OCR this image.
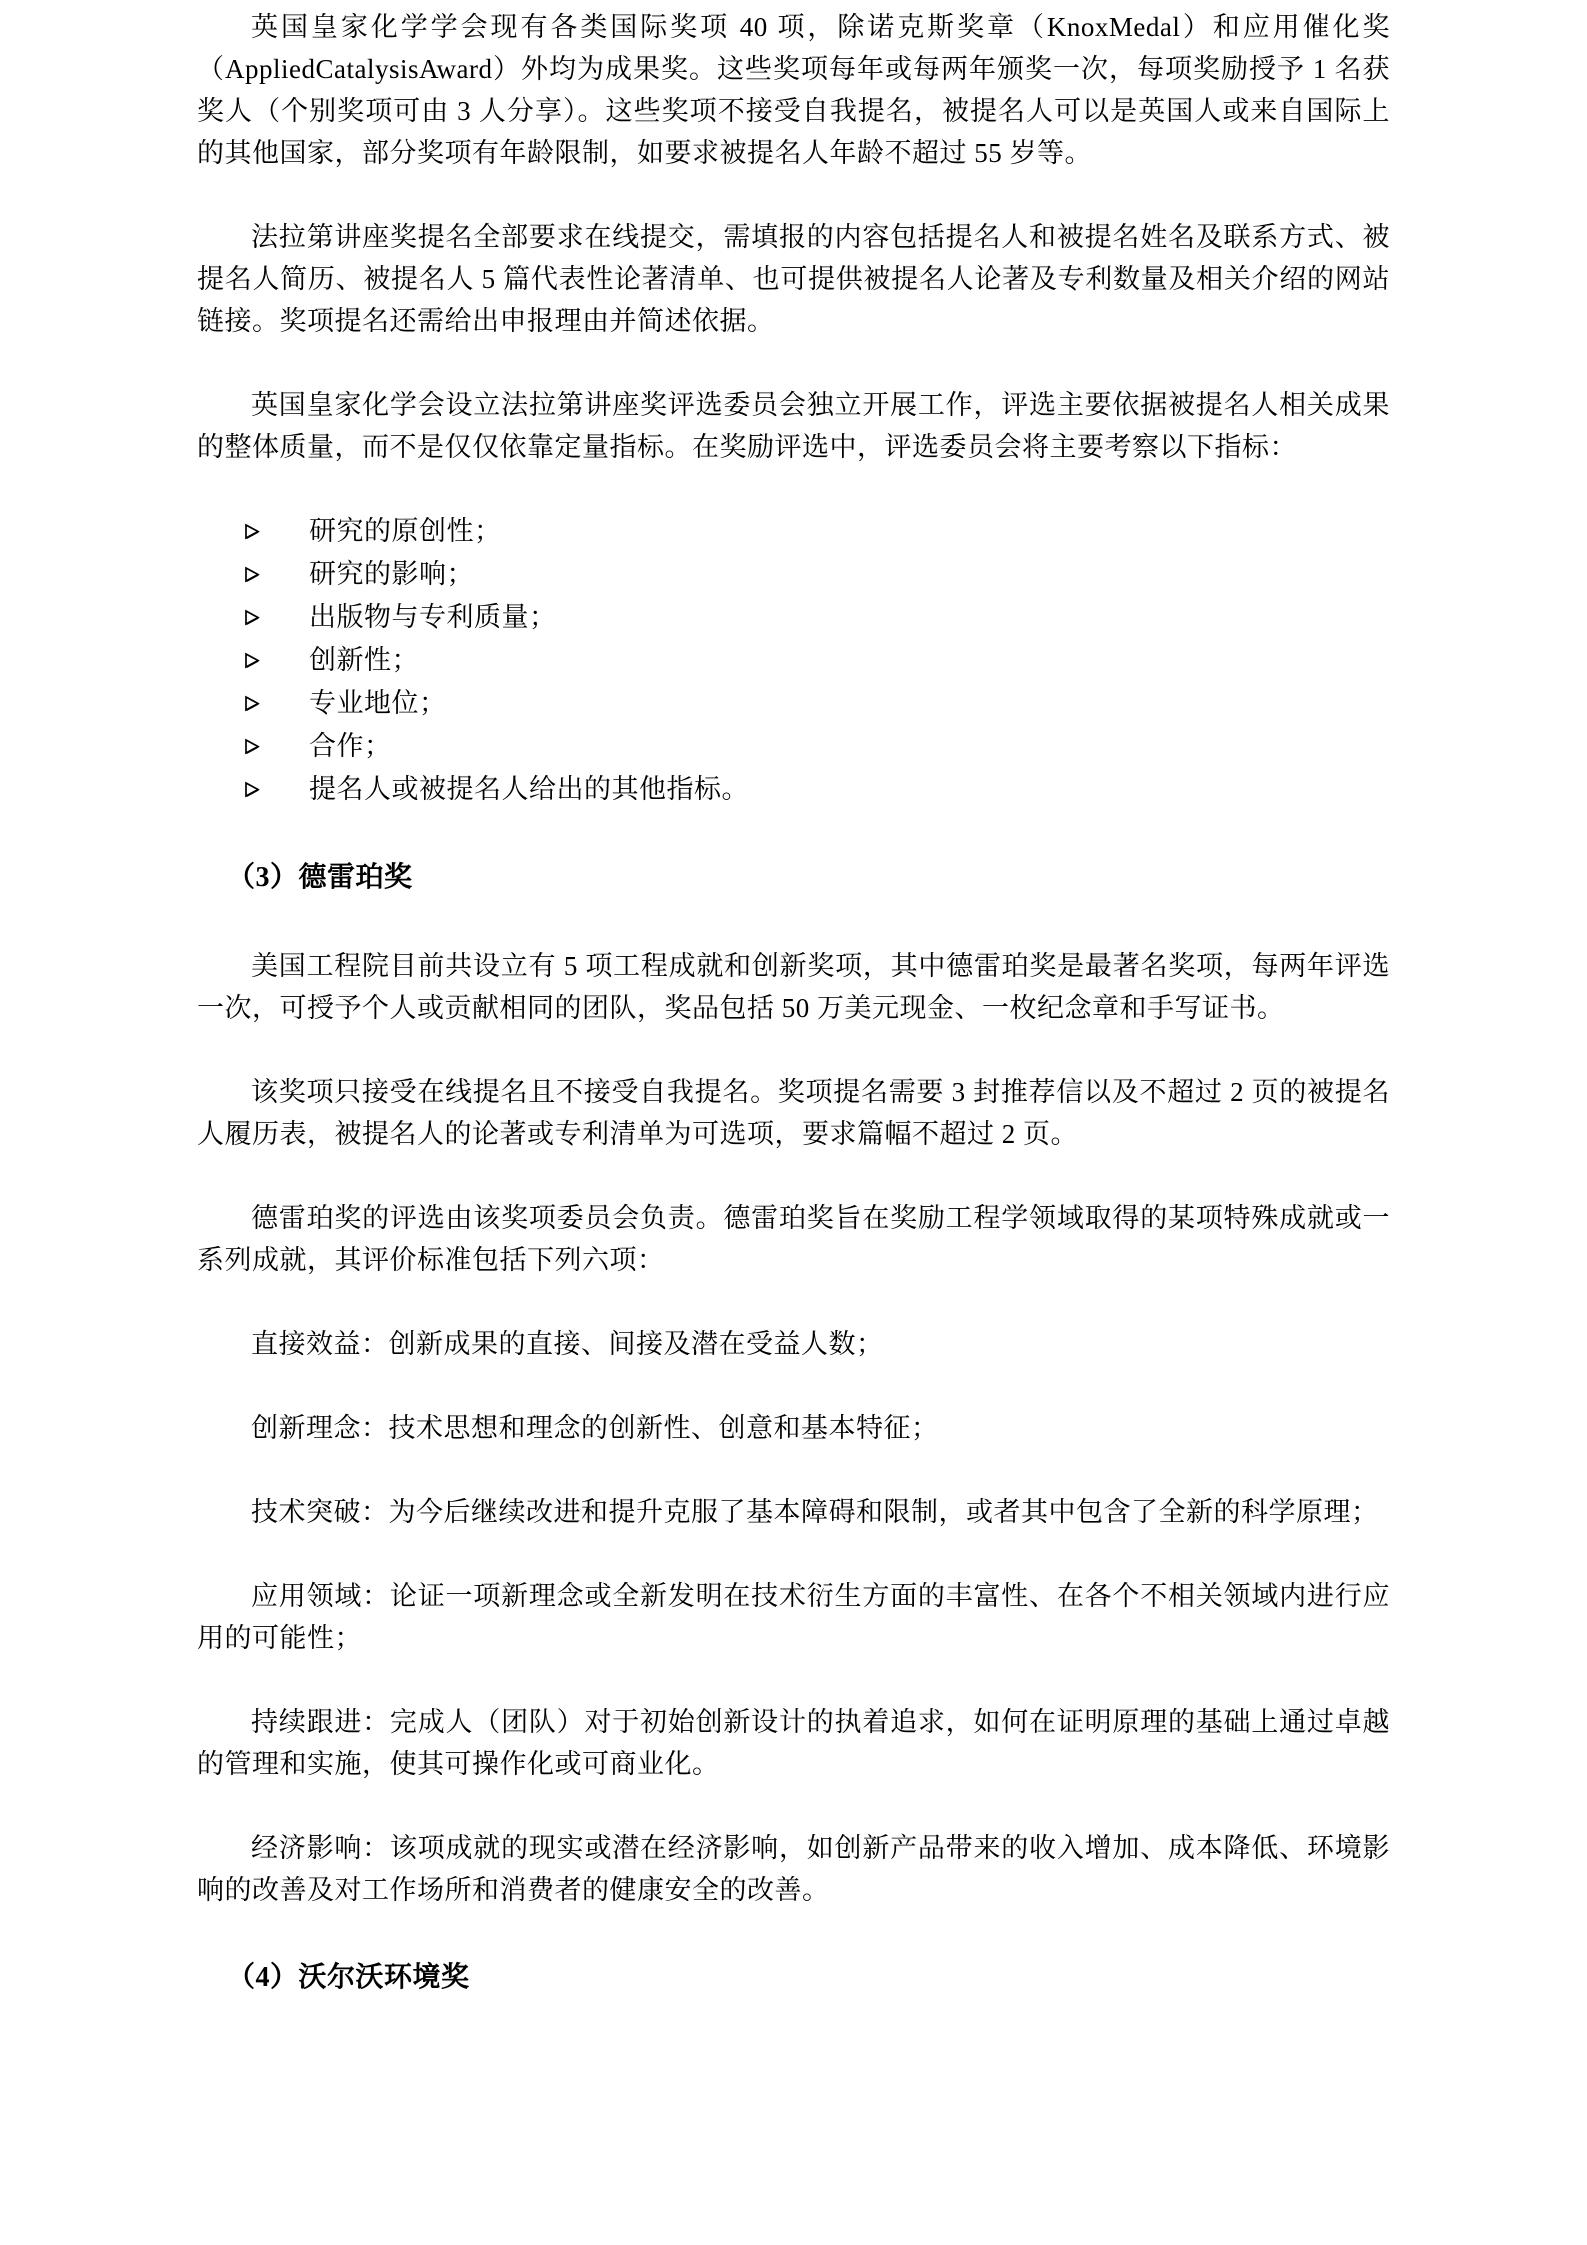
英国皇家化学学会现有各类国际奖项 40 项，除诺克斯奖章（KnoxMedal）和应用催化奖（AppliedCatalysisAward）外均为成果奖。这些奖项每年或每两年颁奖一次，每项奖励授予 1 名获奖人（个别奖项可由 3 人分享）。这些奖项不接受自我提名，被提名人可以是英国人或来自国际上的其他国家，部分奖项有年龄限制，如要求被提名人年龄不超过 55 岁等。

法拉第讲座奖提名全部要求在线提交，需填报的内容包括提名人和被提名姓名及联系方式、被提名人简历、被提名人 5 篇代表性论著清单、也可提供被提名人论著及专利数量及相关介绍的网站链接。奖项提名还需给出申报理由并简述依据。

英国皇家化学会设立法拉第讲座奖评选委员会独立开展工作，评选主要依据被提名人相关成果的整体质量，而不是仅仅依靠定量指标。在奖励评选中，评选委员会将主要考察以下指标：

研究的原创性；
研究的影响；
出版物与专利质量；
创新性；
专业地位；
合作；
提名人或被提名人给出的其他指标。
（3）德雷珀奖

美国工程院目前共设立有 5 项工程成就和创新奖项，其中德雷珀奖是最著名奖项，每两年评选一次，可授予个人或贡献相同的团队，奖品包括 50 万美元现金、一枚纪念章和手写证书。

该奖项只接受在线提名且不接受自我提名。奖项提名需要 3 封推荐信以及不超过 2 页的被提名人履历表，被提名人的论著或专利清单为可选项，要求篇幅不超过 2 页。

德雷珀奖的评选由该奖项委员会负责。德雷珀奖旨在奖励工程学领域取得的某项特殊成就或一系列成就，其评价标准包括下列六项：

直接效益：创新成果的直接、间接及潜在受益人数；

创新理念：技术思想和理念的创新性、创意和基本特征；

技术突破：为今后继续改进和提升克服了基本障碍和限制，或者其中包含了全新的科学原理；

应用领域：论证一项新理念或全新发明在技术衍生方面的丰富性、在各个不相关领域内进行应用的可能性；

持续跟进：完成人（团队）对于初始创新设计的执着追求，如何在证明原理的基础上通过卓越的管理和实施，使其可操作化或可商业化。

经济影响：该项成就的现实或潜在经济影响，如创新产品带来的收入增加、成本降低、环境影响的改善及对工作场所和消费者的健康安全的改善。

（4）沃尔沃环境奖
